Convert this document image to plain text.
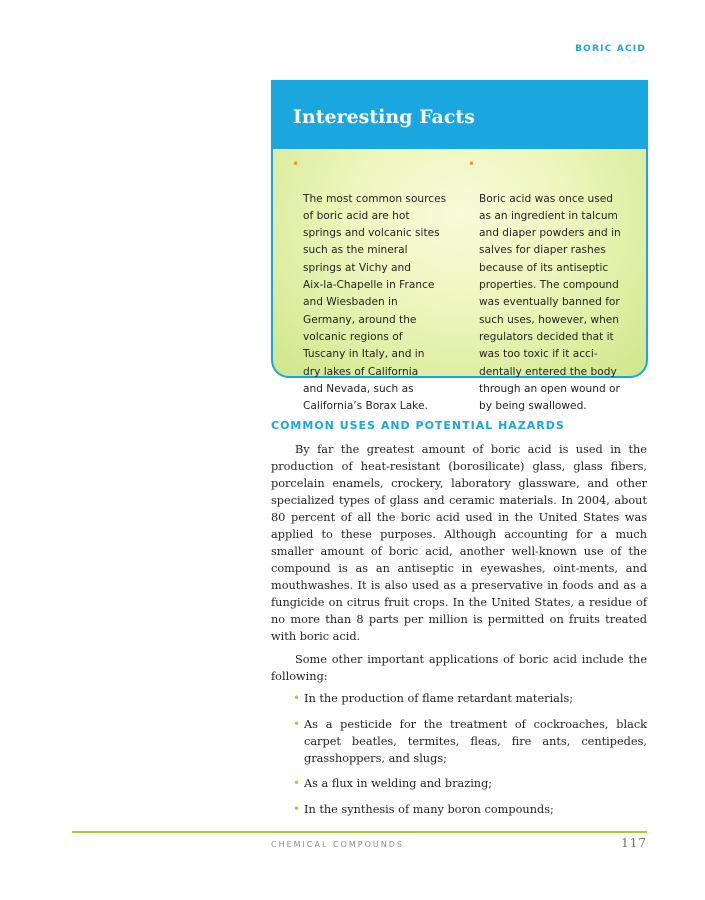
BORIC ACID
Interesting Facts

•

The most common sources
of boric acid are hot
springs and volcanic sites
such as the mineral
springs at Vichy and
Aix-la-Chapelle in France
and Wiesbaden in
Germany, around the
volcanic regions of
Tuscany in Italy, and in
dry lakes of California
and Nevada, such as
California’s Borax Lake.

•

Boric acid was once used
as an ingredient in talcum
and diaper powders and in
salves for diaper rashes
because of its antiseptic
properties. The compound
was eventually banned for
such uses, however, when
regulators decided that it
was too toxic if it acci-
dentally entered the body
through an open wound or
by being swallowed.

COMMON USES AND POTENTIAL HAZARDS

By far the greatest amount of boric acid is used in the production of heat-resistant (borosilicate) glass, glass fibers, porcelain enamels, crockery, laboratory glassware, and other specialized types of glass and ceramic materials. In 2004, about 80 percent of all the boric acid used in the United States was applied to these purposes. Although accounting for a much smaller amount of boric acid, another well-known use of the compound is as an antiseptic in eyewashes, oint-ments, and mouthwashes. It is also used as a preservative in foods and as a fungicide on citrus fruit crops. In the United States, a residue of no more than 8 parts per million is permitted on fruits treated with boric acid.

Some other important applications of boric acid include the following:

• In the production of flame retardant materials;
• As a pesticide for the treatment of cockroaches, black carpet beatles, termites, fleas, fire ants, centipedes, grasshoppers, and slugs;
• As a flux in welding and brazing;
• In the synthesis of many boron compounds;
CHEMICAL COMPOUNDS	117
